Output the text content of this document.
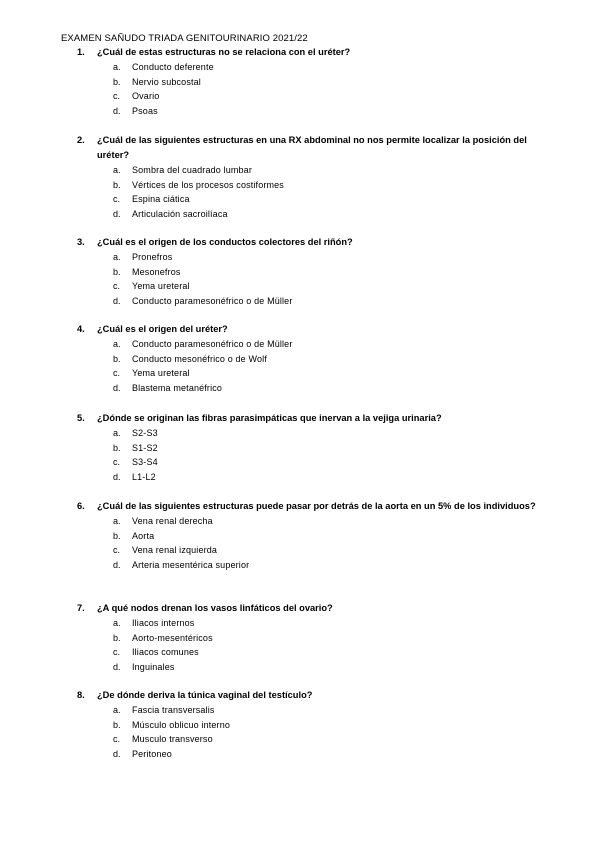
EXAMEN SAÑUDO TRIADA GENITOURINARIO 2021/22
1.	¿Cuál de estas estructuras no se relaciona con el uréter?
a.	Conducto deferente
b.	Nervio subcostal
c.	Ovario
d.	Psoas
2.	¿Cuál de las siguientes estructuras en una RX abdominal no nos permite localizar la posición del uréter?
a.	Sombra del cuadrado lumbar
b.	Vértices de los procesos costiformes
c.	Espina ciática
d.	Articulación sacroilíaca
3.	¿Cuál es el origen de los conductos colectores del riñón?
a.	Pronefros
b.	Mesonefros
c.	Yema ureteral
d.	Conducto paramesonéfrico o de Müller
4.	¿Cuál es el origen del uréter?
a.	Conducto paramesonéfrico o de Müller
b.	Conducto mesonéfrico o de Wolf
c.	Yema ureteral
d.	Blastema metanéfrico
5.	¿Dónde se originan las fibras parasimpáticas que inervan a la vejiga urinaria?
a.	S2-S3
b.	S1-S2
c.	S3-S4
d.	L1-L2
6.	¿Cuál de las siguientes estructuras puede pasar por detrás de la aorta en un 5% de los individuos?
a.	Vena renal derecha
b.	Aorta
c.	Vena renal izquierda
d.	Arteria mesentérica superior
7.	¿A qué nodos drenan los vasos linfáticos del ovario?
a.	Iliacos internos
b.	Aorto-mesentéricos
c.	Iliacos comunes
d.	Inguinales
8.	¿De dónde deriva la túnica vaginal del testículo?
a.	Fascia transversalis
b.	Músculo oblicuo interno
c.	Musculo transverso
d.	Peritoneo
